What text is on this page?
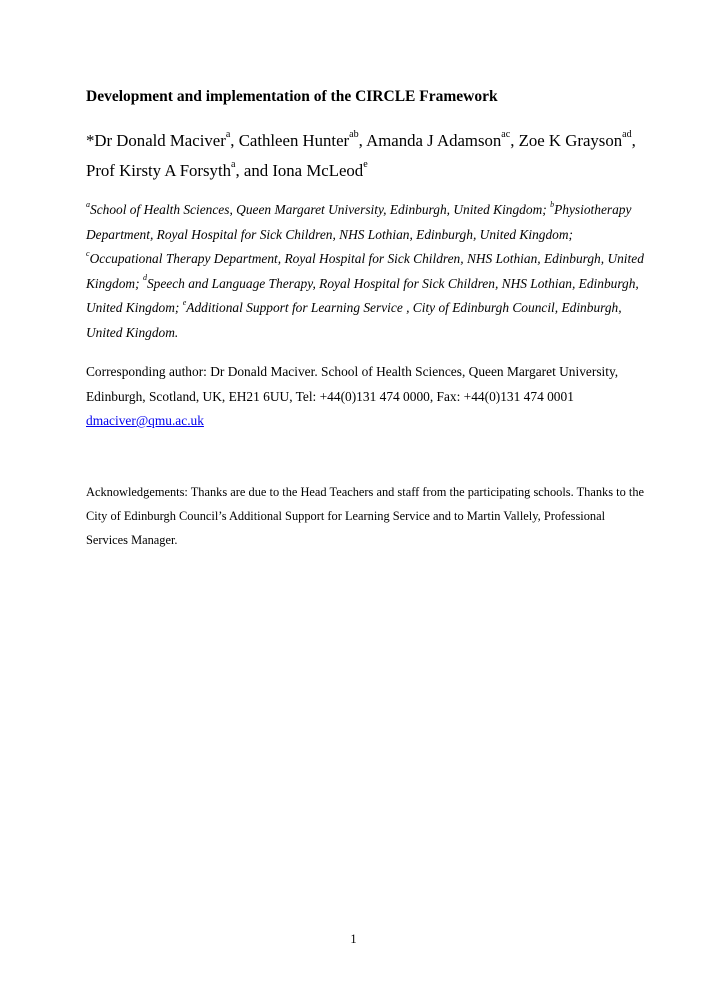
Development and implementation of the CIRCLE Framework
*Dr Donald Maciver$^a$, Cathleen Hunter$^{ab}$, Amanda J Adamson$^{ac}$, Zoe K Grayson$^{ad}$, Prof Kirsty A Forsyth$^a$, and Iona McLeod$^e$
$^a$School of Health Sciences, Queen Margaret University, Edinburgh, United Kingdom; $^b$Physiotherapy Department, Royal Hospital for Sick Children, NHS Lothian, Edinburgh, United Kingdom; $^c$Occupational Therapy Department, Royal Hospital for Sick Children, NHS Lothian, Edinburgh, United Kingdom; $^d$Speech and Language Therapy, Royal Hospital for Sick Children, NHS Lothian, Edinburgh, United Kingdom; $^e$Additional Support for Learning Service , City of Edinburgh Council, Edinburgh, United Kingdom.
Corresponding author: Dr Donald Maciver. School of Health Sciences, Queen Margaret University, Edinburgh, Scotland, UK, EH21 6UU, Tel: +44(0)131 474 0000, Fax: +44(0)131 474 0001 dmaciver@qmu.ac.uk
Acknowledgements: Thanks are due to the Head Teachers and staff from the participating schools. Thanks to the City of Edinburgh Council’s Additional Support for Learning Service and to Martin Vallely, Professional Services Manager.
1
